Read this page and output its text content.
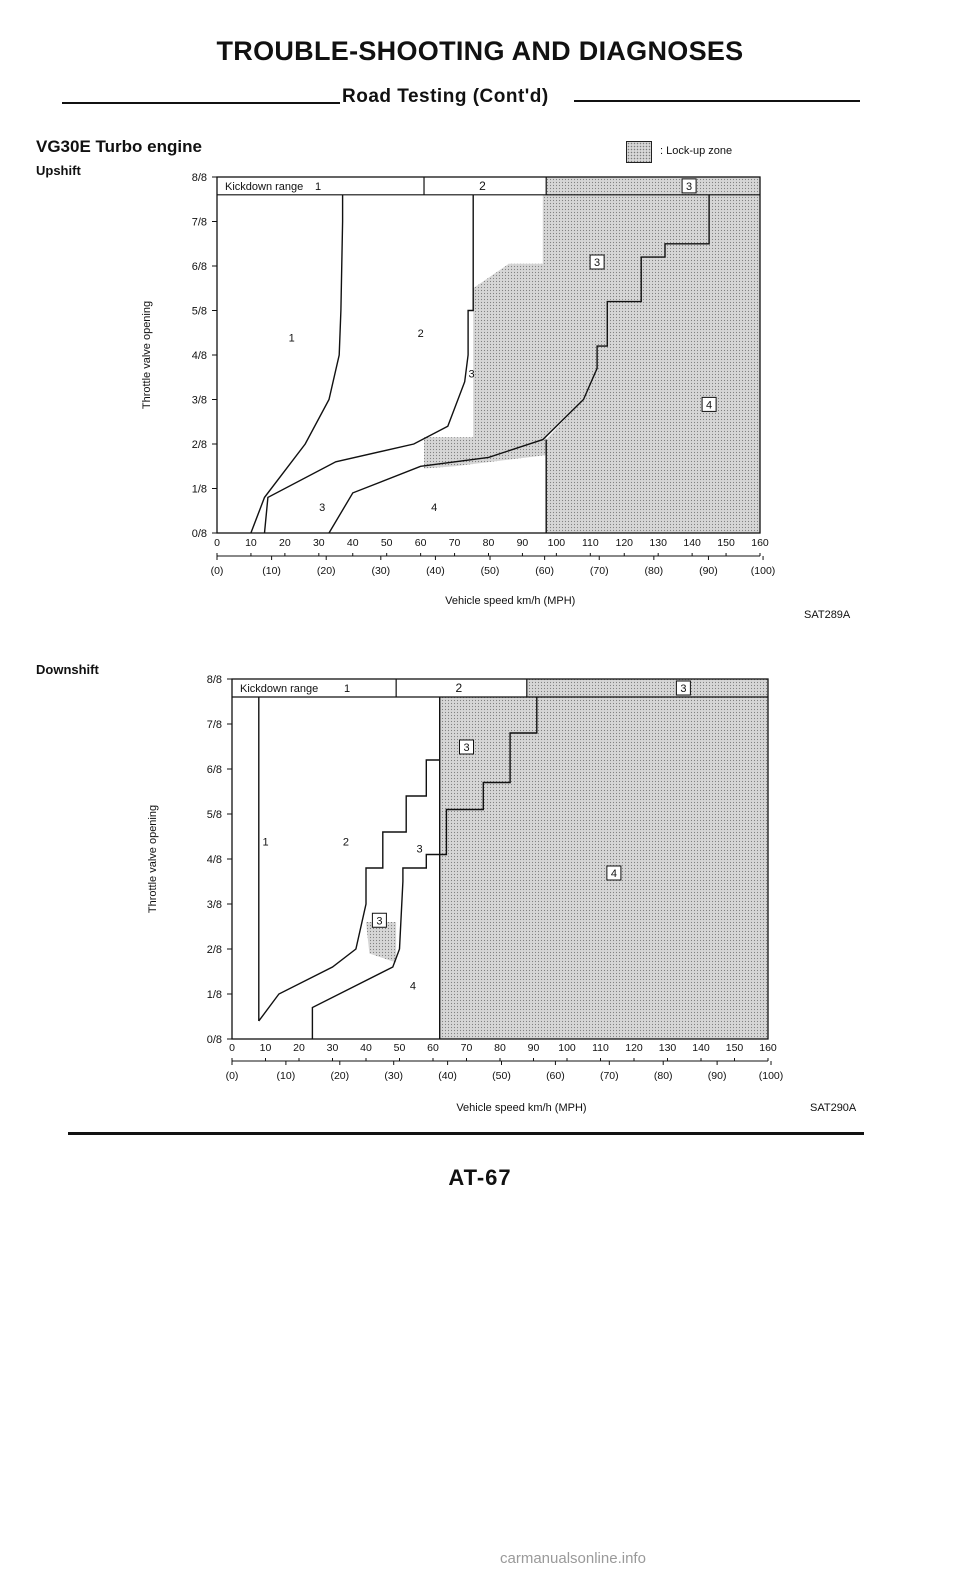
TROUBLE-SHOOTING AND DIAGNOSES
Road Testing (Cont'd)
VG30E Turbo engine	: Lock-up zone
Upshift
Kickdown range 1	2	3
1	2
3
3	4
3
4
8/8
7/8
6/8
5/8
4/8
3/8
2/8
1/8
0/8
0 10 20 30 40 50 60 70 80 90 100 110 120 130 140 150 160
(0)	(10)	(20)	(30)	(40)	(50)	(60)	(70)	(80)	(90)	(100)
Vehicle speed km/h (MPH)
Throttle valve opening
SAT289A
Downshift
Kickdown range 1	2	3
1	2
3
4
3
3
4
8/8
7/8
6/8
5/8
4/8
3/8
2/8
1/8
0/8
0 10 20 30 40 50 60 70 80 90 100 110 120 130 140 150 160
(0)	(10)	(20)	(30)	(40)	(50)	(60)	(70)	(80)	(90)	(100)
Vehicle speed km/h (MPH)
Throttle valve opening
SAT290A
AT-67
carmanualsonline.info
